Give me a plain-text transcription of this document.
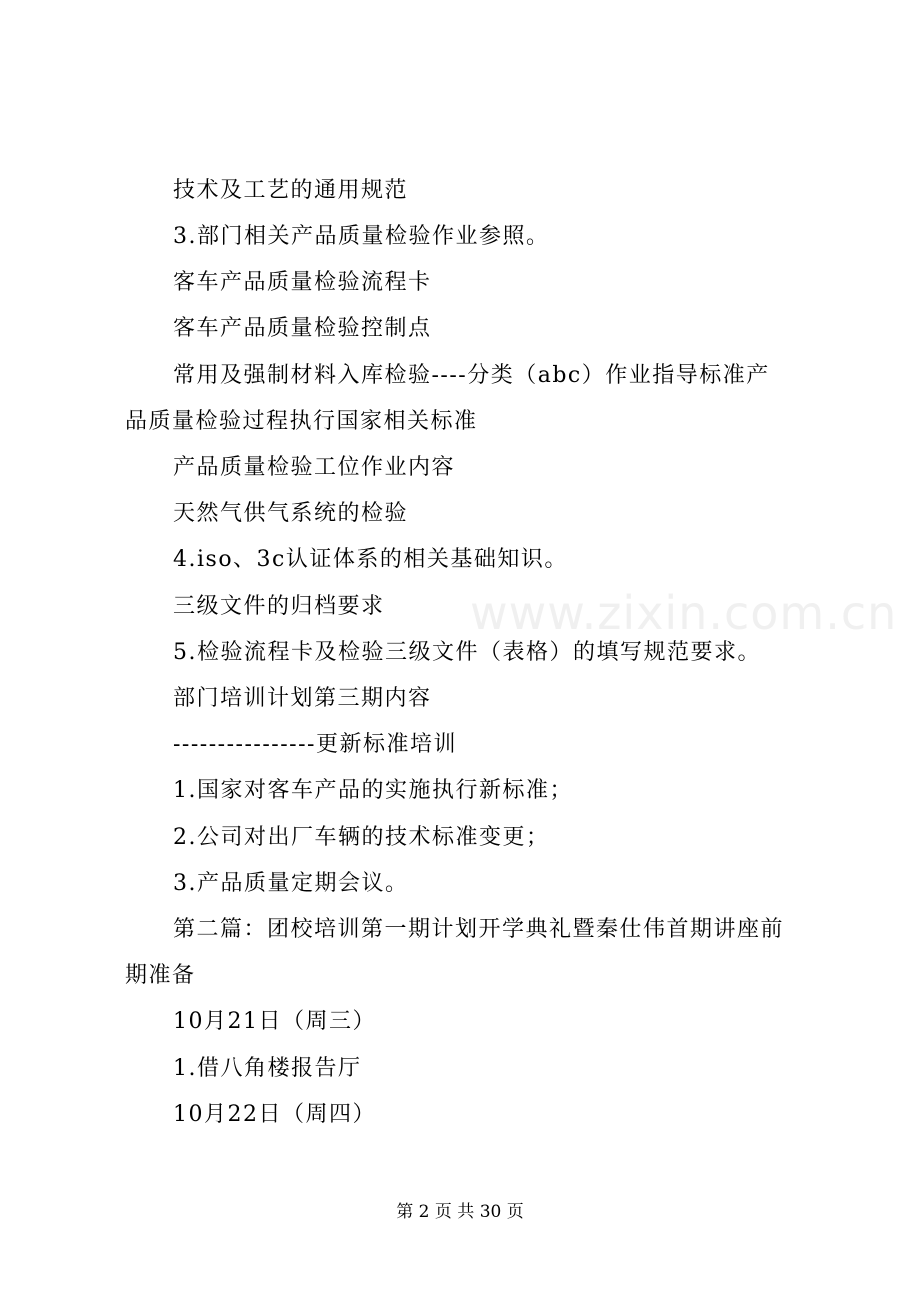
www.zixin.com.cn
技术及工艺的通用规范
3.部门相关产品质量检验作业参照。
客车产品质量检验流程卡
客车产品质量检验控制点
常用及强制材料入库检验----分类（abc）作业指导标准产
品质量检验过程执行国家相关标准
产品质量检验工位作业内容
天然气供气系统的检验
4.iso、3c认证体系的相关基础知识。
三级文件的归档要求
5.检验流程卡及检验三级文件（表格）的填写规范要求。
部门培训计划第三期内容
----------------更新标准培训
1.国家对客车产品的实施执行新标准；
2.公司对出厂车辆的技术标准变更；
3.产品质量定期会议。
第二篇：团校培训第一期计划开学典礼暨秦仕伟首期讲座前
期准备
10月21日（周三）
1.借八角楼报告厅
10月22日（周四）
第 2 页 共 30 页
